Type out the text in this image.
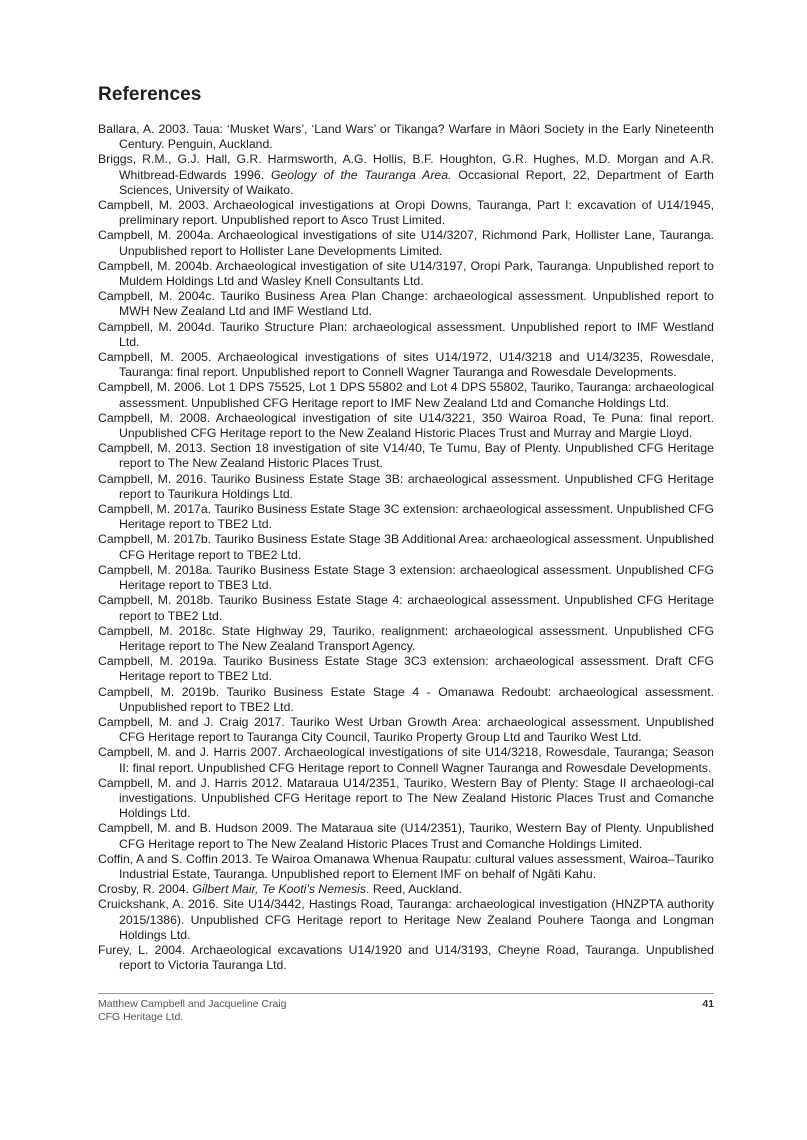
References
Ballara, A. 2003. Taua: ‘Musket Wars’, ‘Land Wars’ or Tikanga? Warfare in Māori Society in the Early Nineteenth Century. Penguin, Auckland.
Briggs, R.M., G.J. Hall, G.R. Harmsworth, A.G. Hollis, B.F. Houghton, G.R. Hughes, M.D. Morgan and A.R. Whitbread-Edwards 1996. Geology of the Tauranga Area. Occasional Report, 22, Department of Earth Sciences, University of Waikato.
Campbell, M. 2003. Archaeological investigations at Oropi Downs, Tauranga, Part I: excavation of U14/1945, preliminary report. Unpublished report to Asco Trust Limited.
Campbell, M. 2004a. Archaeological investigations of site U14/3207, Richmond Park, Hollister Lane, Tauranga. Unpublished report to Hollister Lane Developments Limited.
Campbell, M. 2004b. Archaeological investigation of site U14/3197, Oropi Park, Tauranga. Unpublished report to Muldem Holdings Ltd and Wasley Knell Consultants Ltd.
Campbell, M. 2004c. Tauriko Business Area Plan Change: archaeological assessment. Unpublished report to MWH New Zealand Ltd and IMF Westland Ltd.
Campbell, M. 2004d. Tauriko Structure Plan: archaeological assessment. Unpublished report to IMF Westland Ltd.
Campbell, M. 2005. Archaeological investigations of sites U14/1972, U14/3218 and U14/3235, Rowesdale, Tauranga: final report. Unpublished report to Connell Wagner Tauranga and Rowesdale Developments.
Campbell, M. 2006. Lot 1 DPS 75525, Lot 1 DPS 55802 and Lot 4 DPS 55802, Tauriko, Tauranga: archaeological assessment. Unpublished CFG Heritage report to IMF New Zealand Ltd and Comanche Holdings Ltd.
Campbell, M. 2008. Archaeological investigation of site U14/3221, 350 Wairoa Road, Te Puna: final report. Unpublished CFG Heritage report to the New Zealand Historic Places Trust and Murray and Margie Lloyd.
Campbell, M. 2013. Section 18 investigation of site V14/40, Te Tumu, Bay of Plenty. Unpublished CFG Heritage report to The New Zealand Historic Places Trust.
Campbell, M. 2016. Tauriko Business Estate Stage 3B: archaeological assessment. Unpublished CFG Heritage report to Taurikura Holdings Ltd.
Campbell, M. 2017a. Tauriko Business Estate Stage 3C extension: archaeological assessment. Unpublished CFG Heritage report to TBE2 Ltd.
Campbell, M. 2017b. Tauriko Business Estate Stage 3B Additional Area: archaeological assessment. Unpublished CFG Heritage report to TBE2 Ltd.
Campbell, M. 2018a. Tauriko Business Estate Stage 3 extension: archaeological assessment. Unpublished CFG Heritage report to TBE3 Ltd.
Campbell, M. 2018b. Tauriko Business Estate Stage 4: archaeological assessment. Unpublished CFG Heritage report to TBE2 Ltd.
Campbell, M. 2018c. State Highway 29, Tauriko, realignment: archaeological assessment. Unpublished CFG Heritage report to The New Zealand Transport Agency.
Campbell, M. 2019a. Tauriko Business Estate Stage 3C3 extension: archaeological assessment. Draft CFG Heritage report to TBE2 Ltd.
Campbell, M. 2019b. Tauriko Business Estate Stage 4 - Omanawa Redoubt: archaeological assessment. Unpublished report to TBE2 Ltd.
Campbell, M. and J. Craig 2017. Tauriko West Urban Growth Area: archaeological assessment. Unpublished CFG Heritage report to Tauranga City Council, Tauriko Property Group Ltd and Tauriko West Ltd.
Campbell, M. and J. Harris 2007. Archaeological investigations of site U14/3218, Rowesdale, Tauranga; Season II: final report. Unpublished CFG Heritage report to Connell Wagner Tauranga and Rowesdale Developments.
Campbell, M. and J. Harris 2012. Mataraua U14/2351, Tauriko, Western Bay of Plenty: Stage II archaeologi-cal investigations. Unpublished CFG Heritage report to The New Zealand Historic Places Trust and Comanche Holdings Ltd.
Campbell, M. and B. Hudson 2009. The Mataraua site (U14/2351), Tauriko, Western Bay of Plenty. Unpublished CFG Heritage report to The New Zealand Historic Places Trust and Comanche Holdings Limited.
Coffin, A and S. Coffin 2013. Te Wairoa Omanawa Whenua Raupatu: cultural values assessment, Wairoa–Tauriko Industrial Estate, Tauranga. Unpublished report to Element IMF on behalf of Ngāti Kahu.
Crosby, R. 2004. Gilbert Mair, Te Kooti’s Nemesis. Reed, Auckland.
Cruickshank, A. 2016. Site U14/3442, Hastings Road, Tauranga: archaeological investigation (HNZPTA authority 2015/1386). Unpublished CFG Heritage report to Heritage New Zealand Pouhere Taonga and Longman Holdings Ltd.
Furey, L. 2004. Archaeological excavations U14/1920 and U14/3193, Cheyne Road, Tauranga. Unpublished report to Victoria Tauranga Ltd.
Matthew Campbell and Jacqueline Craig
CFG Heritage Ltd.
41
